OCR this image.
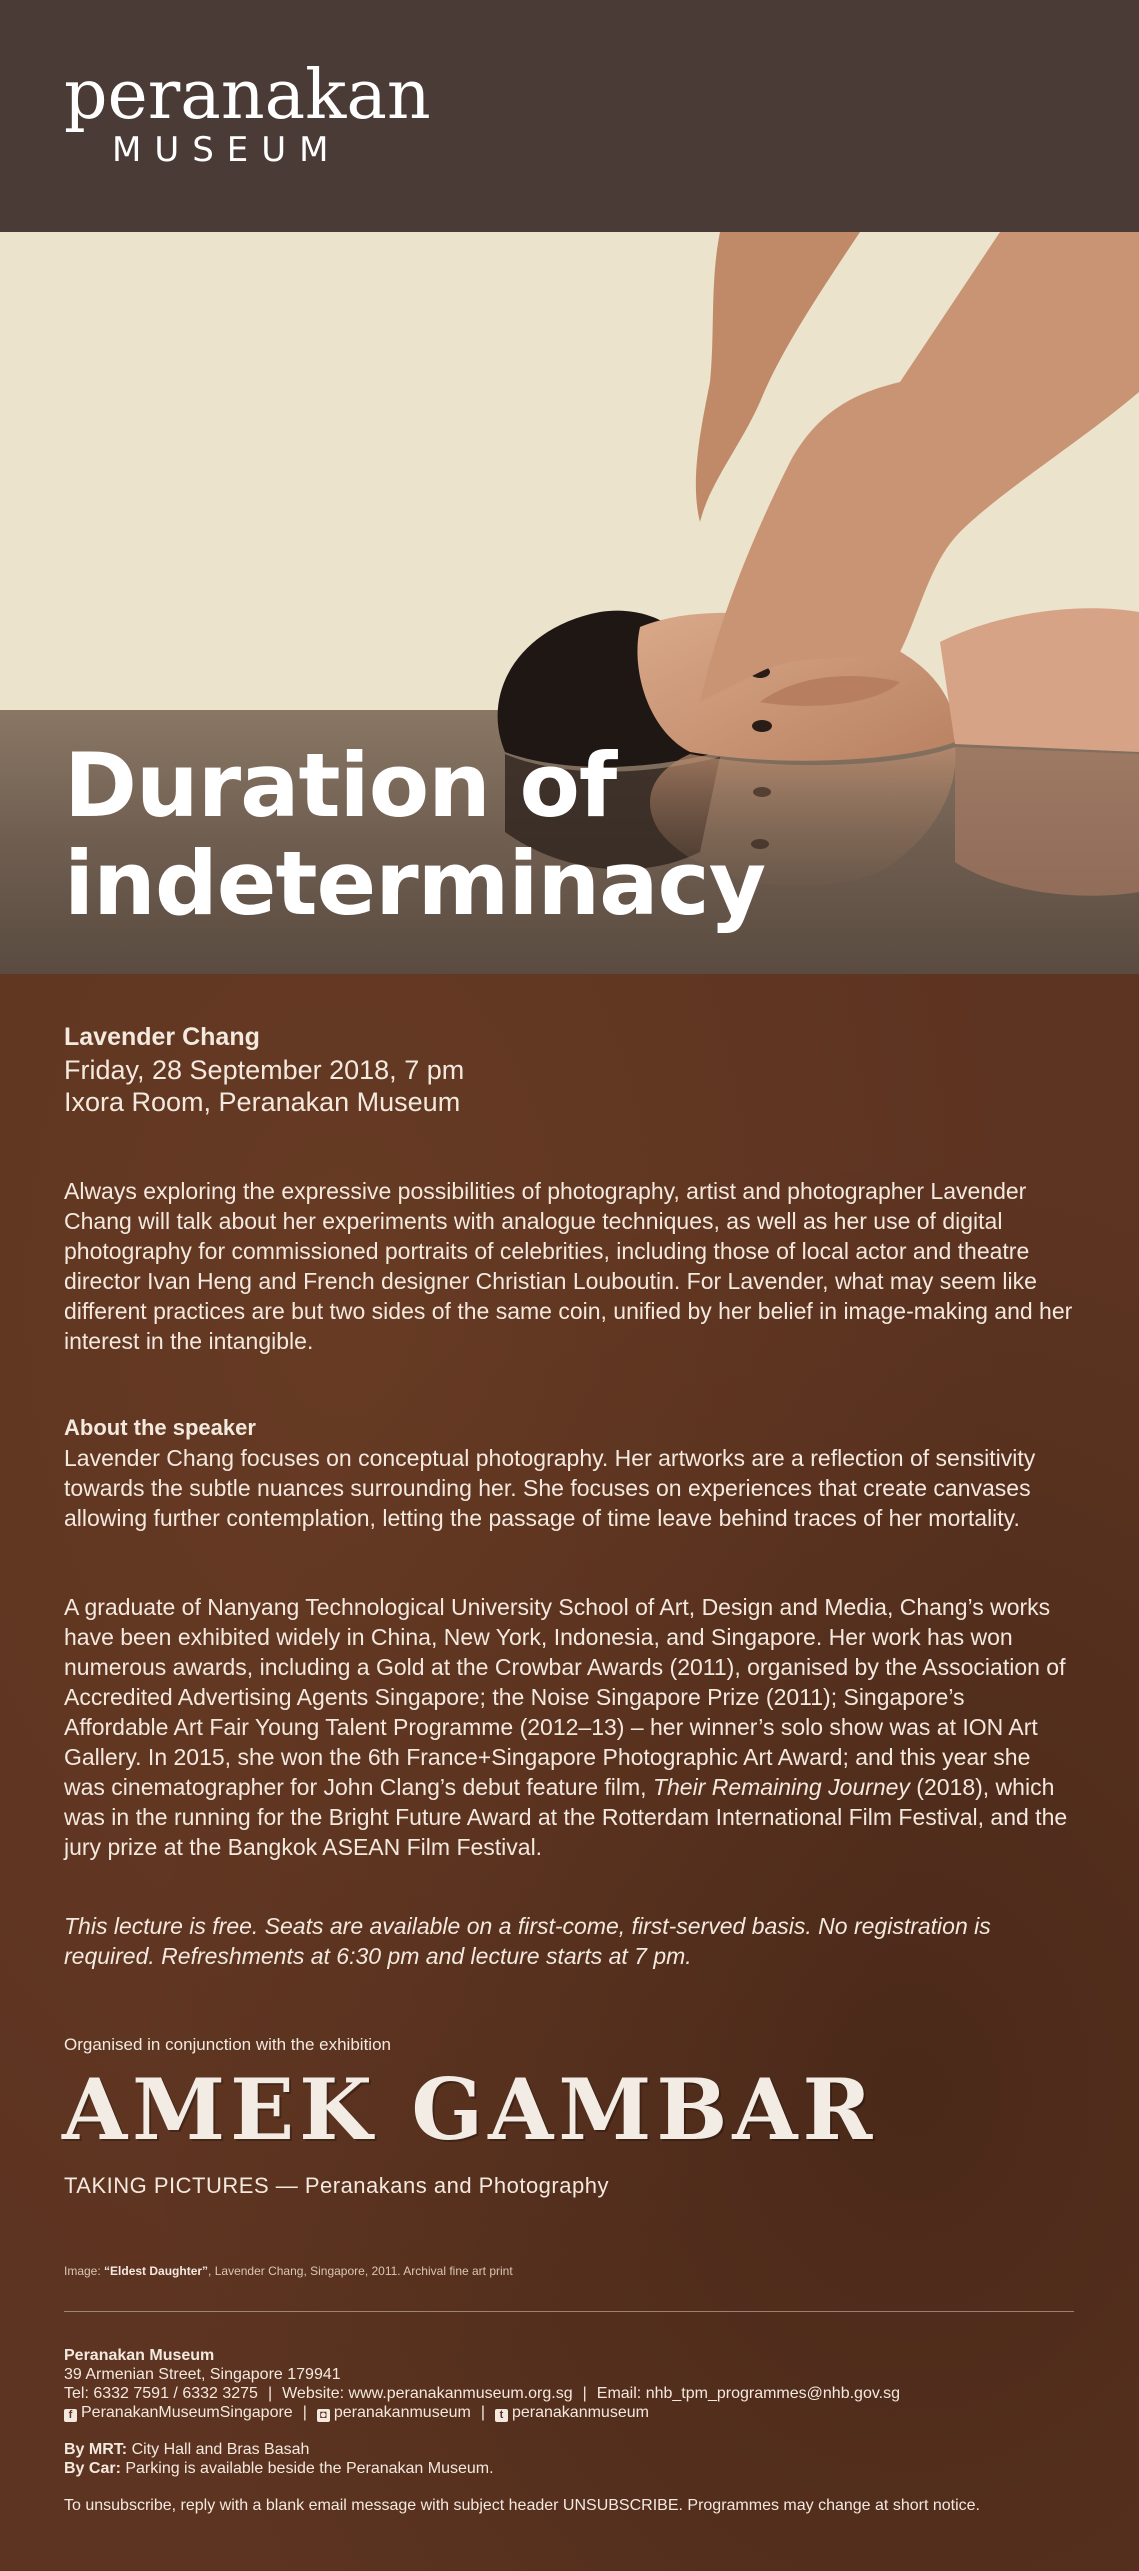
peranakan
MUSEUM
Duration of
indeterminacy
Lavender Chang
Friday, 28 September 2018, 7 pm
Ixora Room, Peranakan Museum
Always exploring the expressive possibilities of photography, artist and photographer Lavender Chang will talk about her experiments with analogue techniques, as well as her use of digital photography for commissioned portraits of celebrities, including those of local actor and theatre director Ivan Heng and French designer Christian Louboutin. For Lavender, what may seem like different practices are but two sides of the same coin, unified by her belief in image-making and her interest in the intangible.
About the speaker
Lavender Chang focuses on conceptual photography. Her artworks are a reflection of sensitivity towards the subtle nuances surrounding her. She focuses on experiences that create canvases allowing further contemplation, letting the passage of time leave behind traces of her mortality.
A graduate of Nanyang Technological University School of Art, Design and Media, Chang’s works have been exhibited widely in China, New York, Indonesia, and Singapore. Her work has won numerous awards, including a Gold at the Crowbar Awards (2011), organised by the Association of Accredited Advertising Agents Singapore; the Noise Singapore Prize (2011); Singapore’s Affordable Art Fair Young Talent Programme (2012–13) – her winner’s solo show was at ION Art Gallery. In 2015, she won the 6th France+Singapore Photographic Art Award; and this year she was cinematographer for John Clang’s debut feature film, Their Remaining Journey (2018), which was in the running for the Bright Future Award at the Rotterdam International Film Festival, and the jury prize at the Bangkok ASEAN Film Festival.
This lecture is free. Seats are available on a first-come, first-served basis. No registration is required. Refreshments at 6:30 pm and lecture starts at 7 pm.
Organised in conjunction with the exhibition
AMEK GAMBAR
TAKING PICTURES — Peranakans and Photography
Image: “Eldest Daughter”, Lavender Chang, Singapore, 2011. Archival fine art print
Peranakan Museum
39 Armenian Street, Singapore 179941
Tel: 6332 7591 / 6332 3275 | Website: www.peranakanmuseum.org.sg | Email: nhb_tpm_programmes@nhb.gov.sg
f PeranakanMuseumSingapore | ◘ peranakanmuseum | t peranakanmuseum
By MRT: City Hall and Bras Basah
By Car: Parking is available beside the Peranakan Museum.
To unsubscribe, reply with a blank email message with subject header UNSUBSCRIBE. Programmes may change at short notice.
